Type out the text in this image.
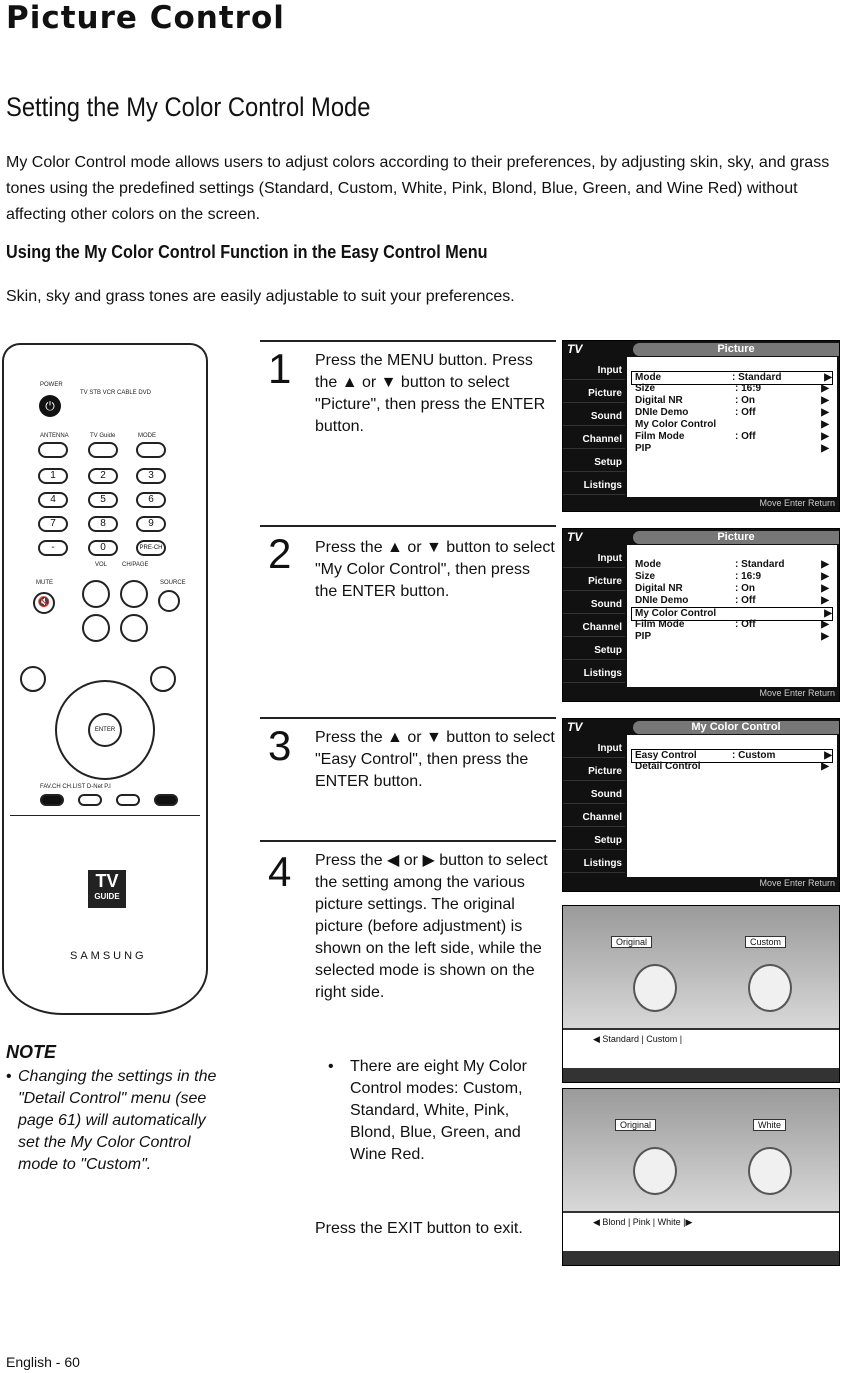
Picture Control
Setting the My Color Control Mode
My Color Control mode allows users to adjust colors according to their preferences, by adjusting skin, sky, and grass tones using the predefined settings (Standard, Custom, White, Pink, Blond, Blue, Green, and Wine Red) without affecting other colors on the screen.
Using the My Color Control Function in the Easy Control Menu
Skin, sky and grass tones are easily adjustable to suit your preferences.
POWER
⏻
TV STB VCR CABLE DVD
ANTENNA	TV Guide	MODE
1	2	3
4	5	6
7	8	9
-	0	PRE-CH
VOL CH/PAGE
MUTE	SOURCE
🔇
ENTER
FAV.CH CH.LIST D-Net P.I
TV
GUIDE
SAMSUNG
NOTE
• Changing the settings in the "Detail Control" menu (see page 61) will automatically set the My Color Control mode to "Custom".
1 Press the MENU button. Press the ▲ or ▼ button to select "Picture", then press the ENTER button.
2 Press the ▲ or ▼ button to select "My Color Control", then press the ENTER button.
3 Press the ▲ or ▼ button to select "Easy Control", then press the ENTER button.
4 Press the ◀ or ▶ button to select the setting among the various picture settings. The original picture (before adjustment) is shown on the left side, while the selected mode is shown on the right side.
• There are eight My Color Control modes: Custom, Standard, White, Pink, Blond, Blue, Green, and Wine Red.
Press the EXIT button to exit.
TV	Picture
Input
Picture
Sound
Channel
Setup
Listings
Mode	: Standard	▶
Size	: 16:9	▶
Digital NR	: On	▶
DNIe Demo	: Off	▶
My Color Control	▶
Film Mode	: Off	▶
PIP	▶
Move Enter Return
TV	Picture
Input
Picture
Sound
Channel
Setup
Listings
Mode	: Standard	▶
Size	: 16:9	▶
Digital NR	: On	▶
DNIe Demo	: Off	▶
My Color Control	▶
Film Mode	: Off	▶
PIP	▶
Move Enter Return
TV	My Color Control
Input
Picture
Sound
Channel
Setup
Listings
Easy Control	: Custom	▶
Detail Control	▶
Move Enter Return
Original	Custom
◀ Standard | Custom |
Original	White
◀ Blond | Pink | White |▶
English - 60
